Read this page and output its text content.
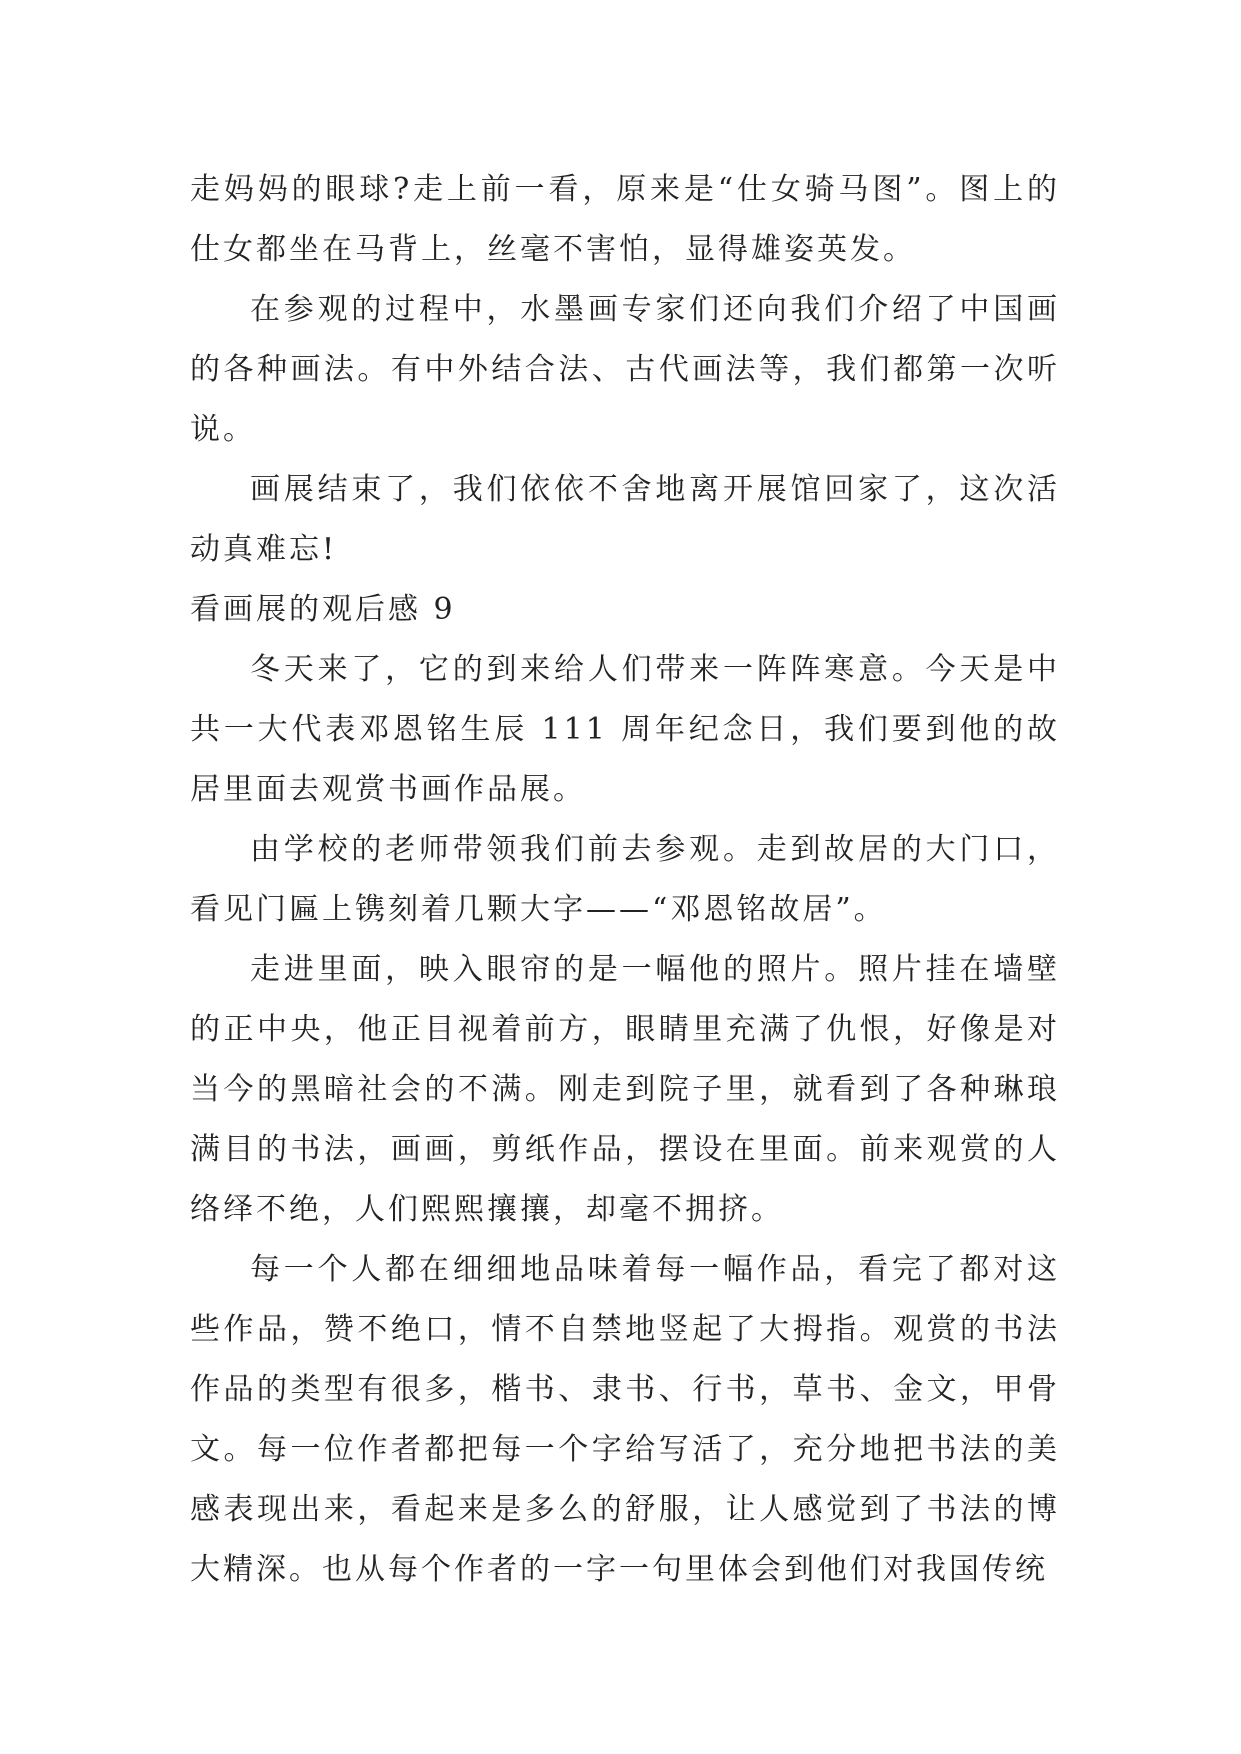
走妈妈的眼球?走上前一看，原来是“仕女骑马图”。图上的仕女都坐在马背上，丝毫不害怕，显得雄姿英发。

在参观的过程中，水墨画专家们还向我们介绍了中国画的各种画法。有中外结合法、古代画法等，我们都第一次听说。

画展结束了，我们依依不舍地离开展馆回家了，这次活动真难忘!

看画展的观后感 9

冬天来了，它的到来给人们带来一阵阵寒意。今天是中共一大代表邓恩铭生辰 111 周年纪念日，我们要到他的故居里面去观赏书画作品展。

由学校的老师带领我们前去参观。走到故居的大门口，看见门匾上镌刻着几颗大字——“邓恩铭故居”。

走进里面，映入眼帘的是一幅他的照片。照片挂在墙壁的正中央，他正目视着前方，眼睛里充满了仇恨，好像是对当今的黑暗社会的不满。刚走到院子里，就看到了各种琳琅满目的书法，画画，剪纸作品，摆设在里面。前来观赏的人络绎不绝，人们熙熙攘攘，却毫不拥挤。

每一个人都在细细地品味着每一幅作品，看完了都对这些作品，赞不绝口，情不自禁地竖起了大拇指。观赏的书法作品的类型有很多，楷书、隶书、行书，草书、金文，甲骨文。每一位作者都把每一个字给写活了，充分地把书法的美感表现出来，看起来是多么的舒服，让人感觉到了书法的博大精深。也从每个作者的一字一句里体会到他们对我国传统
